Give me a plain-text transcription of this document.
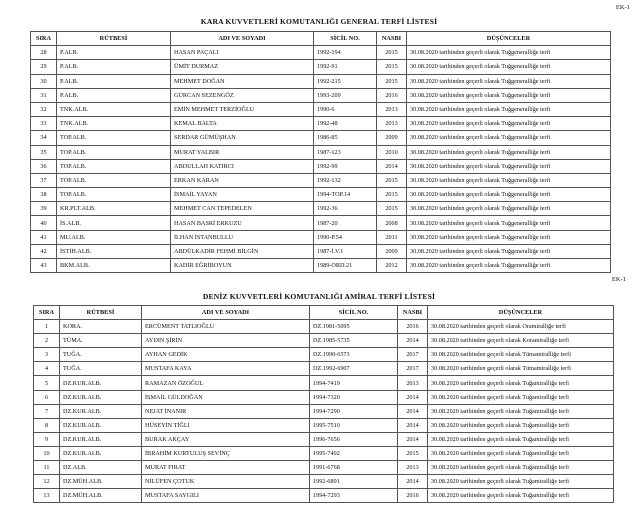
EK-1
KARA KUVVETLERİ KOMUTANLIĞI GENERAL TERFİ LİSTESİ
SIRA	RÜTBESİ	ADI VE SOYADI	SİCİL NO.	NASBI	DÜŞÜNCELER
28	P.ALB.	HASAN PAÇALI	1992-194	2015	30.08.2020 tarihinden geçerli olarak Tuğgeneralliğe terfi
29	P.ALB.	ÜMİT DURMAZ	1992-91	2015	30.08.2020 tarihinden geçerli olarak Tuğgeneralliğe terfi
30	P.ALB.	MEHMET DOĞAN	1992-215	2015	30.08.2020 tarihinden geçerli olarak Tuğgeneralliğe terfi
31	P.ALB.	GÜRCAN SEZENGÖZ	1993-209	2016	30.08.2020 tarihinden geçerli olarak Tuğgeneralliğe terfi
32	TNK.ALB.	EMİN MEHMET TERZİOĞLU	1990-6	2013	30.08.2020 tarihinden geçerli olarak Tuğgeneralliğe terfi
33	TNK.ALB.	KEMAL BALTA	1992-48	2013	30.08.2020 tarihinden geçerli olarak Tuğgeneralliğe terfi
34	TOP.ALB.	SERDAR GÜMÜŞHAN	1986-85	2009	30.08.2020 tarihinden geçerli olarak Tuğgeneralliğe terfi
35	TOP.ALB.	MURAT YALBIR	1987-123	2010	30.08.2020 tarihinden geçerli olarak Tuğgeneralliğe terfi
36	TOP.ALB.	ABDULLAH KATIRCI	1992-99	2014	30.08.2020 tarihinden geçerli olarak Tuğgeneralliğe terfi
37	TOP.ALB.	ERKAN KARAN	1992-132	2015	30.08.2020 tarihinden geçerli olarak Tuğgeneralliğe terfi
38	TOP.ALB.	İSMAİL YAYAN	1994-TOP.14	2015	30.08.2020 tarihinden geçerli olarak Tuğgeneralliğe terfi
39	KR.PLT.ALB.	MEHMET CAN TEPEDELEN	1992-36	2015	30.08.2020 tarihinden geçerli olarak Tuğgeneralliğe terfi
40	İS.ALB.	HASAN BASRİ ERKUZU	1987-20	2008	30.08.2020 tarihinden geçerli olarak Tuğgeneralliğe terfi
41	MU.ALB.	İLHAN İSTANBULLU	1990-P.54	2011	30.08.2020 tarihinden geçerli olarak Tuğgeneralliğe terfi
42	İSTİH.ALB.	ABDÜLKADİR FEHMİ BİLGİN	1987-İ.V.1	2009	30.08.2020 tarihinden geçerli olarak Tuğgeneralliğe terfi
43	BKM.ALB.	KADİR EĞRİBOYUN	1989-ORD.21	2012	30.08.2020 tarihinden geçerli olarak Tuğgeneralliğe terfi
EK-1
DENİZ KUVVETLERİ KOMUTANLIĞI AMİRAL TERFİ LİSTESİ
SIRA	RÜTBESİ	ADI VE SOYADI	SİCİL NO.	NASBI	DÜŞÜNCELER
1	KORA.	ERCÜMENT TATLIOĞLU	DZ.1981-5095	2016	30.08.2020 tarihinden geçerli olarak Oramiralliğe terfi
2	TÜMA.	AYDIN ŞİRİN	DZ.1985-5735	2014	30.08.2020 tarihinden geçerli olarak Koramiralliğe terfi
3	TUĞA.	AYHAN GEDİK	DZ.1990-6573	2017	30.08.2020 tarihinden geçerli olarak Tümamiralliğe terfi
4	TUĞA.	MUSTAFA KAYA	DZ.1992-6907	2017	30.08.2020 tarihinden geçerli olarak Tümamiralliğe terfi
5	DZ.KUR.ALB.	RAMAZAN ÖZOĞUL	1994-7419	2013	30.08.2020 tarihinden geçerli olarak Tuğamiralliğe terfi
6	DZ.KUR.ALB.	İSMAİL GÜLDOĞAN	1994-7320	2014	30.08.2020 tarihinden geçerli olarak Tuğamiralliğe terfi
7	DZ.KUR.ALB.	NEJAT İNANIR	1994-7290	2014	30.08.2020 tarihinden geçerli olarak Tuğamiralliğe terfi
8	DZ.KUR.ALB.	HÜSEYİN TİĞLI	1995-7510	2014	30.08.2020 tarihinden geçerli olarak Tuğamiralliğe terfi
9	DZ.KUR.ALB.	BURAK AKÇAY	1996-7656	2014	30.08.2020 tarihinden geçerli olarak Tuğamiralliğe terfi
10	DZ.KUR.ALB.	İBRAHİM KURTULUŞ SEVİNÇ	1995-7492	2015	30.08.2020 tarihinden geçerli olarak Tuğamiralliğe terfi
11	DZ.ALB.	MURAT FIRAT	1991-6768	2013	30.08.2020 tarihinden geçerli olarak Tuğamiralliğe terfi
12	DZ.MÜH.ALB.	NİLÜFEN ÇOTUK	1992-6891	2014	30.08.2020 tarihinden geçerli olarak Tuğamiralliğe terfi
13	DZ.MÜH.ALB.	MUSTAFA SAYGILI	1994-7293	2016	30.08.2020 tarihinden geçerli olarak Tuğamiralliğe terfi
